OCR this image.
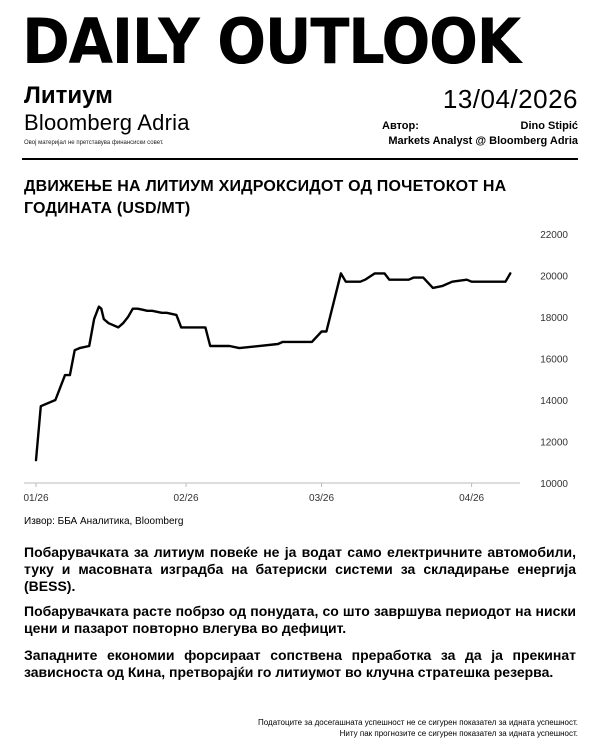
DAILY OUTLOOK
Литиум	13/04/2026
Bloomberg Adria
Овој материјал не претставува финансиски совет.
Автор:	Dino Stipić
Markets Analyst @ Bloomberg Adria
ДВИЖЕЊЕ НА ЛИТИУМ ХИДРОКСИДОТ ОД ПОЧЕТОКОТ НА ГОДИНАТА (USD/MT)
01/26	02/26	03/26	04/26
10000
12000
14000
16000
18000
20000
22000
Извор: ББА Аналитика, Bloomberg
Побарувачката за литиум повеќе не ја водат само електричните автомобили, туку и масовната изградба на батериски системи за складирање енергија (BESS).
Побарувачката расте побрзо од понудата, со што завршува периодот на ниски цени и пазарот повторно влегува во дефицит.
Западните економии форсираат сопствена преработка за да ја прекинат зависноста од Кина, претворајќи го литиумот во клучна стратешка резерва.
Податоците за досегашната успешност не се сигурен показател за идната успешност.
Ниту пак прогнозите се сигурен показател за идната успешност.
